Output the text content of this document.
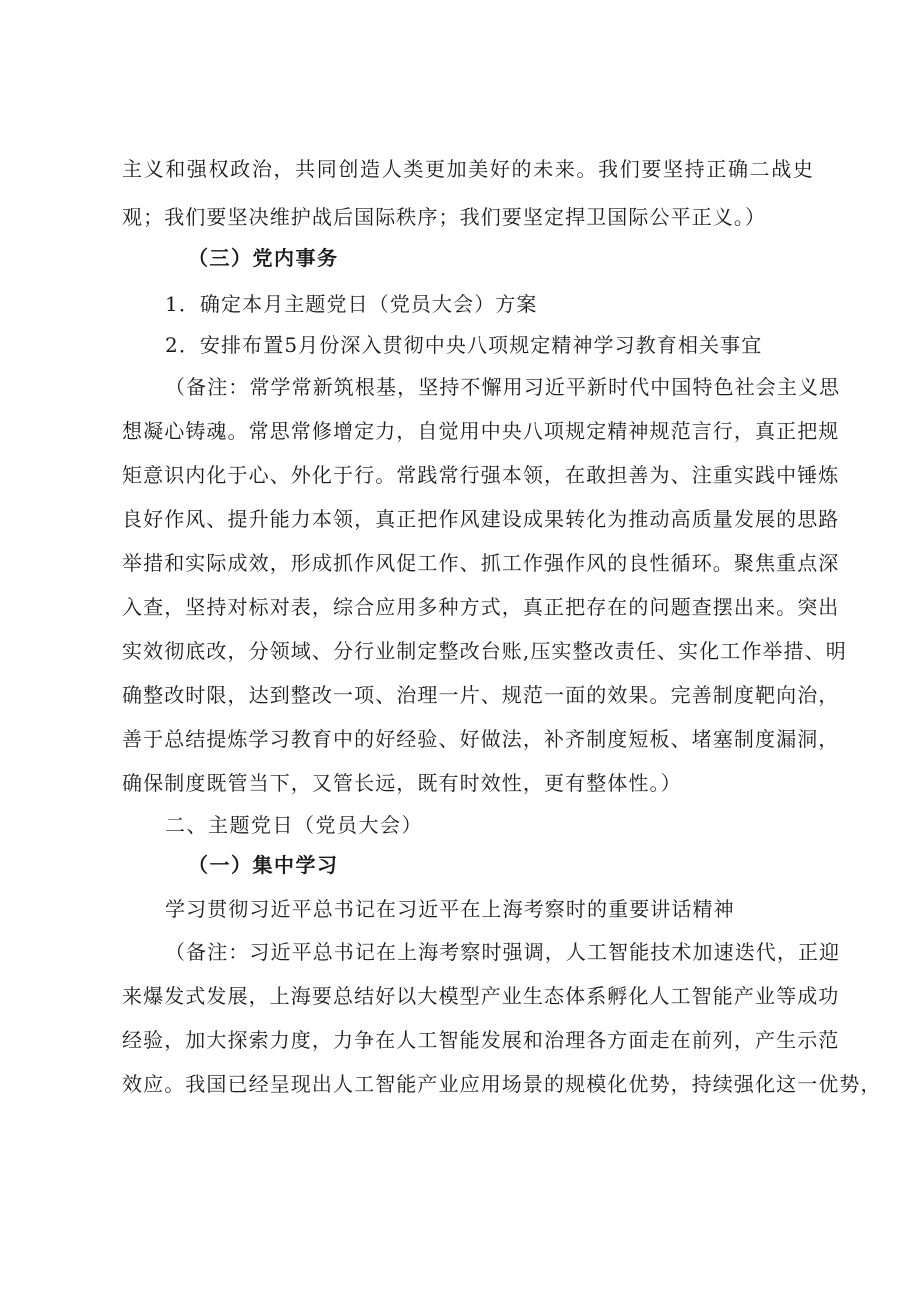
主义和强权政治，共同创造人类更加美好的未来。我们要坚持正确二战史
观；我们要坚决维护战后国际秩序；我们要坚定捍卫国际公平正义。）
（三）党内事务
1．确定本月主题党日（党员大会）方案
2．安排布置5月份深入贯彻中央八项规定精神学习教育相关事宜
（备注：常学常新筑根基，坚持不懈用习近平新时代中国特色社会主义思
想凝心铸魂。常思常修增定力，自觉用中央八项规定精神规范言行，真正把规
矩意识内化于心、外化于行。常践常行强本领，在敢担善为、注重实践中锤炼
良好作风、提升能力本领，真正把作风建设成果转化为推动高质量发展的思路
举措和实际成效，形成抓作风促工作、抓工作强作风的良性循环。聚焦重点深
入查，坚持对标对表，综合应用多种方式，真正把存在的问题查摆出来。突出
实效彻底改，分领域、分行业制定整改台账,压实整改责任、实化工作举措、明
确整改时限，达到整改一项、治理一片、规范一面的效果。完善制度靶向治，
善于总结提炼学习教育中的好经验、好做法，补齐制度短板、堵塞制度漏洞，
确保制度既管当下，又管长远，既有时效性，更有整体性。）
二、主题党日（党员大会）
（一）集中学习
学习贯彻习近平总书记在习近平在上海考察时的重要讲话精神
（备注：习近平总书记在上海考察时强调，人工智能技术加速迭代，正迎
来爆发式发展，上海要总结好以大模型产业生态体系孵化人工智能产业等成功
经验，加大探索力度，力争在人工智能发展和治理各方面走在前列，产生示范
效应。我国已经呈现出人工智能产业应用场景的规模化优势，持续强化这一优势，
